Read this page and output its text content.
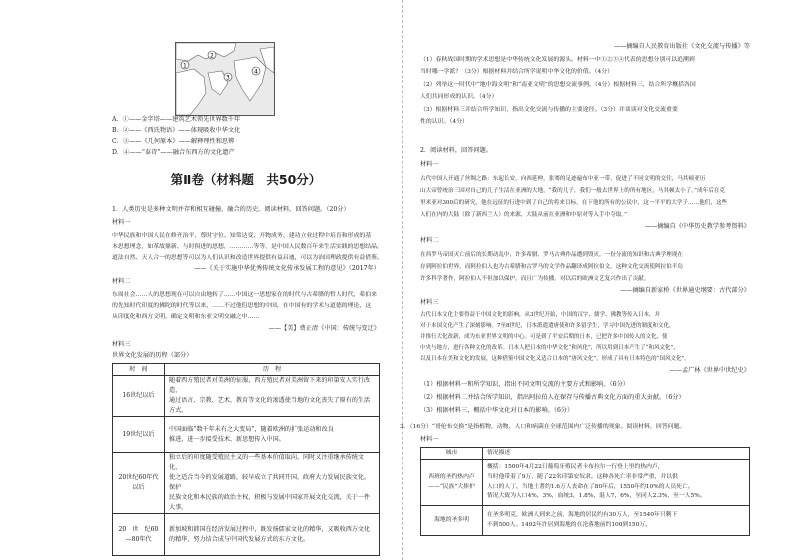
1
2
3
4
A．①——金字塔——建筑艺术领先世界数千年
B．②——《西氏物语》——体现吸收中华文化
C．③——《几何原本》——解释理性和思辨
D．④——“泰诗”——融合东西方的文化遗产
1．人类历史是多种文明并存和相互碰撞、融合的历史。阅读材料，回答问题。（20分）
材料一
中华民族和中国人民在修齐治平、尊时守位、知常达变、开物成务、建功立业过程中培育和形成的基
本思想理念，如革故鼎新、与时俱进的思想，…………等等，是中国人民数百年来生活实践的思想结晶，
道法自然、天人合一的思想等可以为人们认识和改造世界提供有益启迪，可以为治国理政提供有益借鉴。
——《关于实施中华优秀传统文化传承发展工程的意见》（2017年）
材料二
东周社会……人的思想现在可以自由地转了……中国这一思想家在的时代与古希腊的哲人时代，希伯来
的先知时代印度的佛陀的时代等以来，……不过他们思想的中国，在中国有的学术与道德的理论，这
从印度化和西方文明，确定文明和东亚文明交融之中……
——【美】费正清《中国：传统与变迁》
材料三
世界文化发展的历程（部分）
第Ⅱ卷（材料题　共50分）
时　间	历　程
16世纪以后	随着西方殖民者对美洲的征服，西方殖民者对美洲留下来的印第安人实行改造，
通过语言、宗教、艺术、教育等文化的渗透使当地的文化丧失了原有的生活方式。

19世纪以后	中国面临“数千年未有之大变局”，随着欧洲的扩张运动和改良
推进，进一步接受技术、新思想传入中国。

20世纪60年代以后	独立后的印度随受殖民主义的一些基本价值取向，同时又注重继承传统文化，
使之适合当今的发展道路，较早成立了共同开国，政府大力发展民族文化，保护
民族文化和本民族的政治主权，积极与发展中国家开展文化交流，关于一件大事。

20　世　纪60—80年代	新加坡和韩国在经济发展过程中，既发扬儒家文化的精华，又吸收西方文化
的精华，努力结合成与中国代发展方式的东方文化。
——摘编自人民教育出版社《文化交流与传播》等
（1）春秋战国时期的学术思想是中华传统文化发展的源头。材料一中①②③④代表的思想分别可以追溯到
当时哪一学派？（3分）根据材料并结合所学说明中华文化的价值。（4分）
（2）列举这一时代中“地中海文明”和“南亚文明”的思想交流事例。（4分）根据材料三，结合所学概括各国
人们共同形成的认识。（4分）
（3）根据材料三并结合所学知识，指出文化交流与传播的主要途径。（3分）并谈谈对文化交流重要
性的认识。（4分）
2．阅读材料，回答问题。
材料一
古代中国人开通了丝绸之路：东起长安，向西延伸，张骞的足迹遍布中亚一带，促进了不同文明的交往，马其顿亚历
山大帝曾统治三国对自己的儿子生活在亚洲的大地，“我的儿子，我们一般去世界上的所有地区，马其顿太小了。”成年后在克
里米亚对300后的研究，他在远征的行进中到了自己的将来目标，在下他的所有的公民中，这一平平的大学子……他们，这些
人们在内的大陆（除了新西兰人）的来源，大陆从前在亚洲和中原对等入手中夺取。”
——摘编自《中华历史教学参考资料》
材料二
在西罗马帝国灭亡前后的长期动乱中，许多希腊、罗马古典作品遭到毁灭。一份分流的知识和古典学理现在
存到阿拉伯世界，而阿拉伯人也为古希腊和古罗马的文学作品翻译成阿拉伯文。这种文化交流使阿拉伯半岛
许多科学著作，阿拉伯人不但加以保护，而且广为传播，对以后的欧洲文艺复兴作出了贡献。
——摘编自新家桥《世界通史纲要：古代部分》
材料三
古代日本文化主要得益于中国文化的影响，从3世纪开始，中国的汉字、儒学、佛教等传入日本，并
对于本国文化产生了深刻影响。7至8世纪，日本派遣遣唐使和许多留学生，学习中国先进的制度和文化，
并推行大化改新，成为东亚世界文明的中心。可是到了平安后期的日本，已把许多中国传入的文化，使
中央与地方，进行各种文化的改革。日本人把日本的中华文化“和风化”，所以用到日本产生了“和风文化”，
以及日本在美和文化的发展，这种借鉴中国文化又适合日本的“唐风文化”，形成了具有日本特色的“国风文化”。
——孟广林《世界中世纪史》
（1）根据材料一和所学知识，指出不同文明交流的主要方式和影响。（6分）
（2）根据材料二并结合所学知识，指出阿拉伯人在保存与传播古典文化方面的重大贡献。（6分）
（3）根据材料三，概括中华文化对日本的影响。（6分）
3．（16分）“哥伦布交换”是指植物、动物、人口和病菌在全球范围内广泛传播的现象。阅读材料，回答问题。
材料一
城市	情况描述
西班的圣约热内卢——“民族”大摔护	概括：1500年4月22日葡萄牙殖民者卡布拉尔一行登上里约热内卢，
当时他带着了9万，随了22名印第安奴隶。这种各死亡率非常严重，并以供
人口的人丁，当地土著约1.6万人丧命在了80年后，1550年约10%的人员死亡。
情况大致为人口4%，3%，血统3，1.8%，混人7，6%，至同人2.3%，至一人5%。

海地的圣多明	在圣多明克，欧洲人到来之前，海地的居民约有30万人，至1540年只剩下
不到500人。1492年许居到海地的在沦落地前约100到150万。
